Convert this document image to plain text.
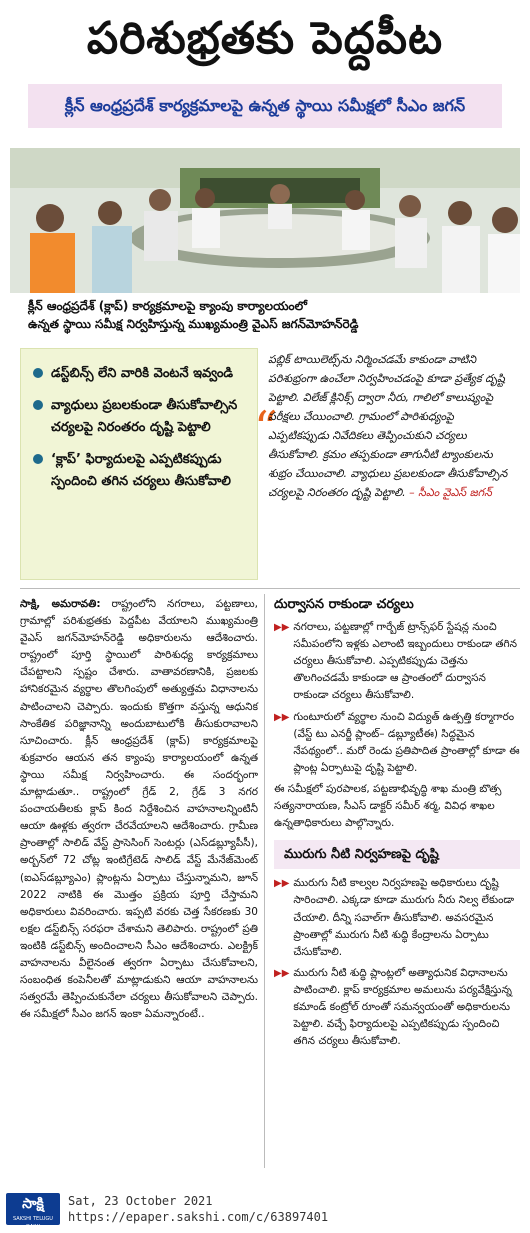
పరిశుభ్రతకు పెద్దపీట
క్లీన్ ఆంధ్రప్రదేశ్ కార్యక్రమాలపై ఉన్నత స్థాయి సమీక్షలో సీఎం జగన్
క్లీన్ ఆంధ్రప్రదేశ్ (క్లాప్) కార్యక్రమాలపై క్యాంపు కార్యాలయంలో
ఉన్నత స్థాయి సమీక్ష నిర్వహిస్తున్న ముఖ్యమంత్రి వైఎస్ జగన్‌మోహన్‌రెడ్డి
డస్ట్‌బిన్స్ లేని వారికి వెంటనే ఇవ్వండి
వ్యాధులు ప్రబలకుండా తీసుకోవాల్సిన చర్యలపై నిరంతరం దృష్టి పెట్టాలి
‘క్లాప్’ ఫిర్యాదులపై ఎప్పటికప్పుడు స్పందించి తగిన చర్యలు తీసుకోవాలి
“
పబ్లిక్ టాయిలెట్స్‌ను నిర్మించడమే కాకుండా వాటిని పరిశుభ్రంగా ఉంచేలా నిర్వహించడంపై కూడా ప్రత్యేక దృష్టి పెట్టాలి. విలేజ్ క్లినిక్స్ ద్వారా నీరు, గాలిలో కాలుష్యంపై పరీక్షలు చేయించాలి. గ్రామంలో పారిశుధ్యంపై ఎప్పటికప్పుడు నివేదికలు తెప్పించుకుని చర్యలు తీసుకోవాలి. క్రమం తప్పకుండా తాగునీటి ట్యాంకులను శుభ్రం చేయించాలి. వ్యాధులు ప్రబలకుండా తీసుకోవాల్సిన చర్యలపై నిరంతరం దృష్టి పెట్టాలి. – సీఎం వైఎస్ జగన్
సాక్షి, అమరావతి: రాష్ట్రంలోని నగరాలు, పట్టణాలు, గ్రామాల్లో పరిశుభ్రతకు పెద్దపీట వేయాలని ముఖ్యమంత్రి వైఎస్ జగన్‌మోహన్‌రెడ్డి అధికారులను ఆదేశించారు. రాష్ట్రంలో పూర్తి స్థాయిలో పారిశుధ్య కార్యక్రమాలు చేపట్టాలని స్పష్టం చేశారు. వాతావరణానికి, ప్రజలకు హానికరమైన వ్యర్థాల తొలగింపులో అత్యుత్తమ విధానాలను పాటించాలని చెప్పారు. ఇందుకు కొత్తగా వస్తున్న ఆధునిక సాంకేతిక పరిజ్ఞానాన్ని అందుబాటులోకి తీసుకురావాలని సూచించారు. క్లీన్ ఆంధ్రప్రదేశ్ (క్లాప్) కార్యక్రమాలపై శుక్రవారం ఆయన తన క్యాంపు కార్యాలయంలో ఉన్నత స్థాయి సమీక్ష నిర్వహించారు. ఈ సందర్భంగా మాట్లాడుతూ.. రాష్ట్రంలో గ్రేడ్ 2, గ్రేడ్ 3 నగర పంచాయతీలకు క్లాప్ కింద నిర్దేశించిన వాహనాలన్నింటినీ ఆయా ఊళ్లకు త్వరగా చేరవేయాలని ఆదేశించారు. గ్రామీణ ప్రాంతాల్లో సాలిడ్ వేస్ట్ ప్రాసెసింగ్ సెంటర్లు (ఎస్‌డబ్ల్యూపీసీ), అర్బన్‌లో 72 చోట్ల ఇంటిగ్రేటెడ్ సాలిడ్ వేస్ట్ మేనేజ్‌మెంట్ (ఐఎస్‌డబ్ల్యూఎం) ప్లాంట్లను ఏర్పాటు చేస్తున్నామని, జూన్ 2022 నాటికి ఈ మొత్తం ప్రక్రియ పూర్తి చేస్తామని అధికారులు వివరించారు. ఇప్పటి వరకు చెత్త సేకరణకు 30 లక్షల డస్ట్‌బిన్స్ సరఫరా చేశామని తెలిపారు. రాష్ట్రంలో ప్రతి ఇంటికి డస్ట్‌బిన్స్ అందించాలని సీఎం ఆదేశించారు. ఎలక్ట్రిక్ వాహనాలను వీలైనంత త్వరగా ఏర్పాటు చేసుకోవాలని, సంబంధిత కంపెనీలతో మాట్లాడుకుని ఆయా వాహనాలను సత్వరమే తెప్పించుకునేలా చర్యలు తీసుకోవాలని చెప్పారు. ఈ సమీక్షలో సీఎం జగన్ ఇంకా ఏమన్నారంటే..
దుర్వాసన రాకుండా చర్యలు
▶▶ నగరాలు, పట్టణాల్లో గార్బేజ్ ట్రాన్స్‌ఫర్ స్టేషన్ల నుంచి సమీపంలోని ఇళ్లకు ఎలాంటి ఇబ్బందులు రాకుండా తగిన చర్యలు తీసుకోవాలి. ఎప్పటికప్పుడు చెత్తను తొలగించడమే కాకుండా ఆ ప్రాంతంలో దుర్వాసన రాకుండా చర్యలు తీసుకోవాలి.

▶▶ గుంటూరులో వ్యర్థాల నుంచి విద్యుత్ ఉత్పత్తి కర్మాగారం (వేస్ట్ టు ఎనర్జీ ప్లాంట్– డబ్ల్యూటీఈ) సిద్ధమైన నేపథ్యంలో.. మరో రెండు ప్రతిపాదిత ప్రాంతాల్లో కూడా ఈ ప్లాంట్ల ఏర్పాటుపై దృష్టి పెట్టాలి.

ఈ సమీక్షలో పురపాలక, పట్టణాభివృద్ధి శాఖ మంత్రి బొత్స సత్యనారాయణ, సీఎస్ డాక్టర్ సమీర్ శర్మ, వివిధ శాఖల ఉన్నతాధికారులు పాల్గొన్నారు.

మురుగు నీటి నిర్వహణపై దృష్టి
▶▶ మురుగు నీటి కాల్వల నిర్వహణపై అధికారులు దృష్టి సారించాలి. ఎక్కడా కూడా మురుగు నీరు నిల్వ లేకుండా చేయాలి. దీన్ని సవాల్‌గా తీసుకోవాలి. అవసరమైన ప్రాంతాల్లో మురుగు నీటి శుద్ధి కేంద్రాలను ఏర్పాటు చేసుకోవాలి.

▶▶ మురుగు నీటి శుద్ధి ప్లాంట్లలో అత్యాధునిక విధానాలను పాటించాలి. క్లాప్ కార్యక్రమాల అమలును పర్యవేక్షిస్తున్న కమాండ్ కంట్రోల్ రూంతో సమన్వయంతో అధికారులను పెట్టాలి. వచ్చే ఫిర్యాదులపై ఎప్పటికప్పుడు స్పందించి తగిన చర్యలు తీసుకోవాలి.

సాక్షి
SAKSHI TELUGU DAILY
Sat, 23 October 2021
https://epaper.sakshi.com/c/63897401
